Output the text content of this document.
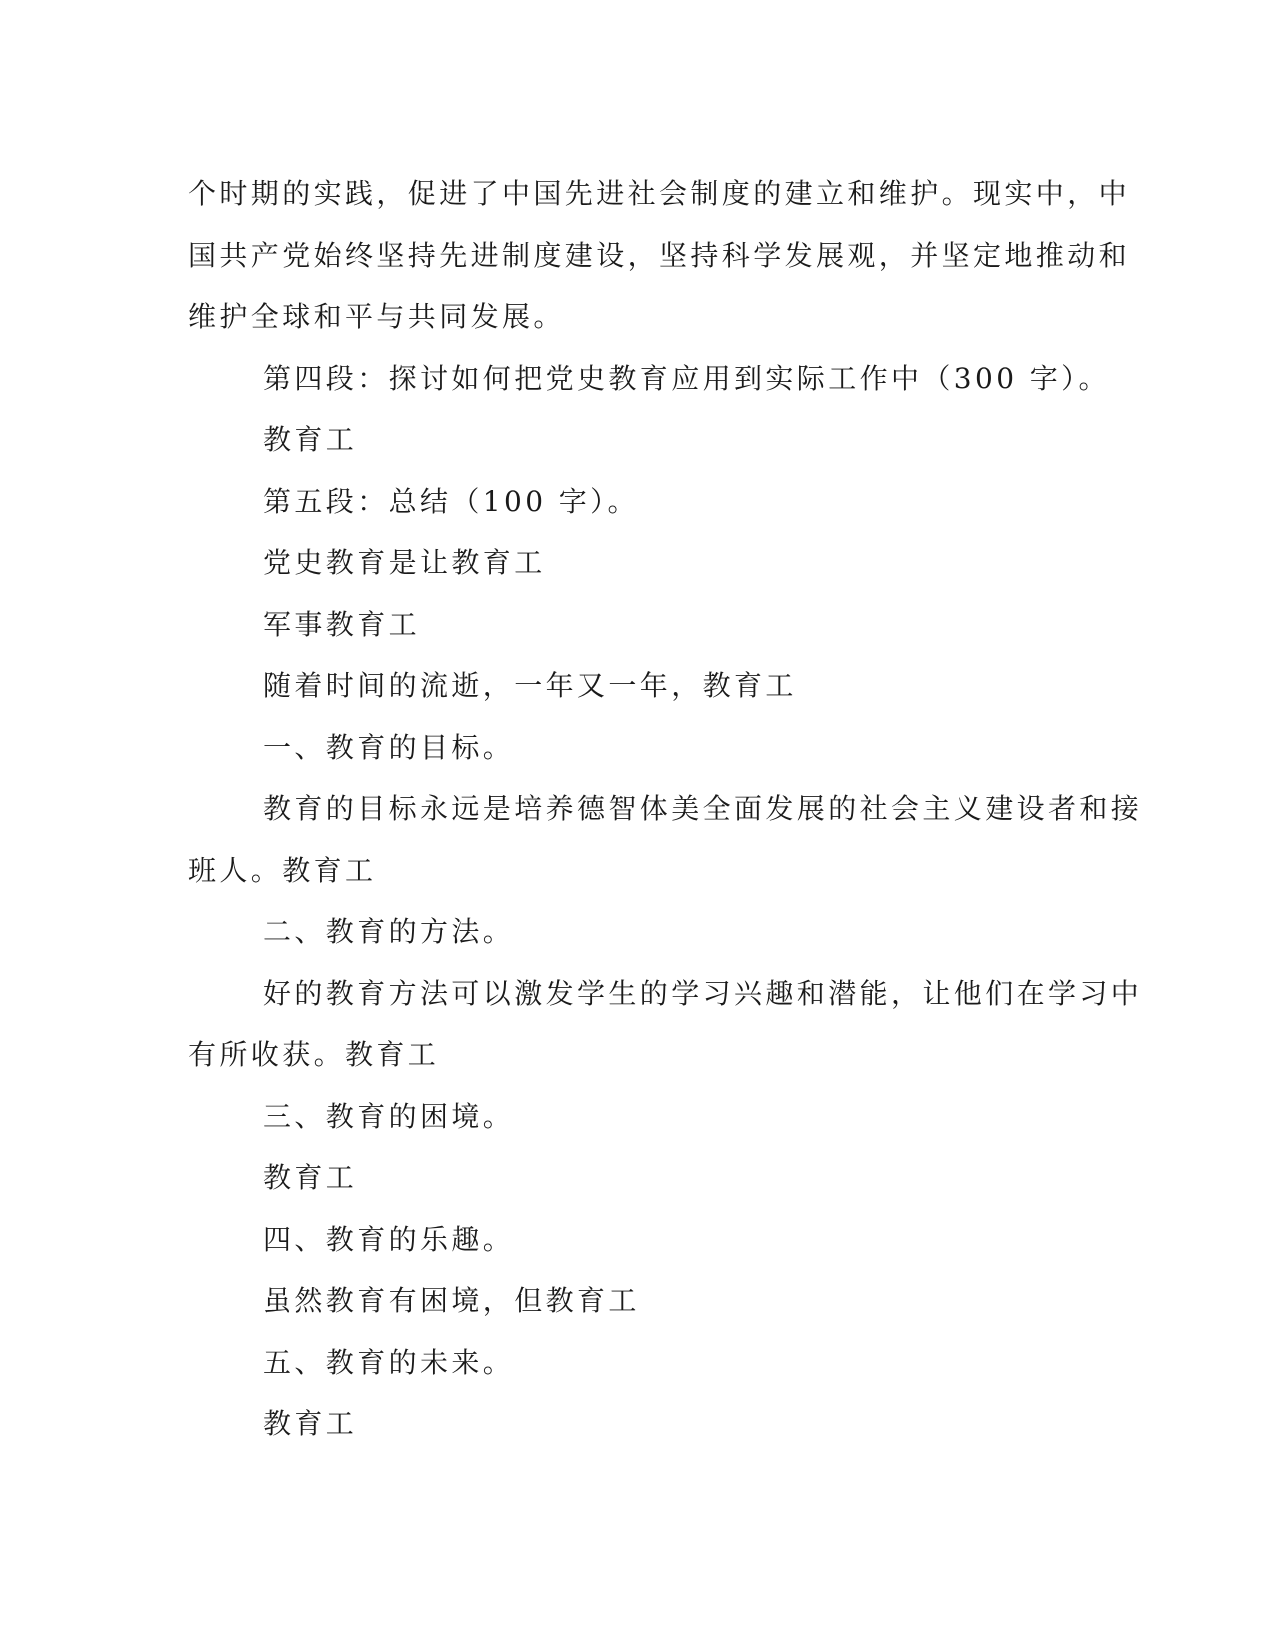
个时期的实践，促进了中国先进社会制度的建立和维护。现实中，中
国共产党始终坚持先进制度建设，坚持科学发展观，并坚定地推动和
维护全球和平与共同发展。
第四段：探讨如何把党史教育应用到实际工作中（300 字）。
教育工
第五段：总结（100 字）。
党史教育是让教育工
军事教育工
随着时间的流逝，一年又一年，教育工
一、教育的目标。
教育的目标永远是培养德智体美全面发展的社会主义建设者和接
班人。教育工
二、教育的方法。
好的教育方法可以激发学生的学习兴趣和潜能，让他们在学习中
有所收获。教育工
三、教育的困境。
教育工
四、教育的乐趣。
虽然教育有困境，但教育工
五、教育的未来。
教育工
